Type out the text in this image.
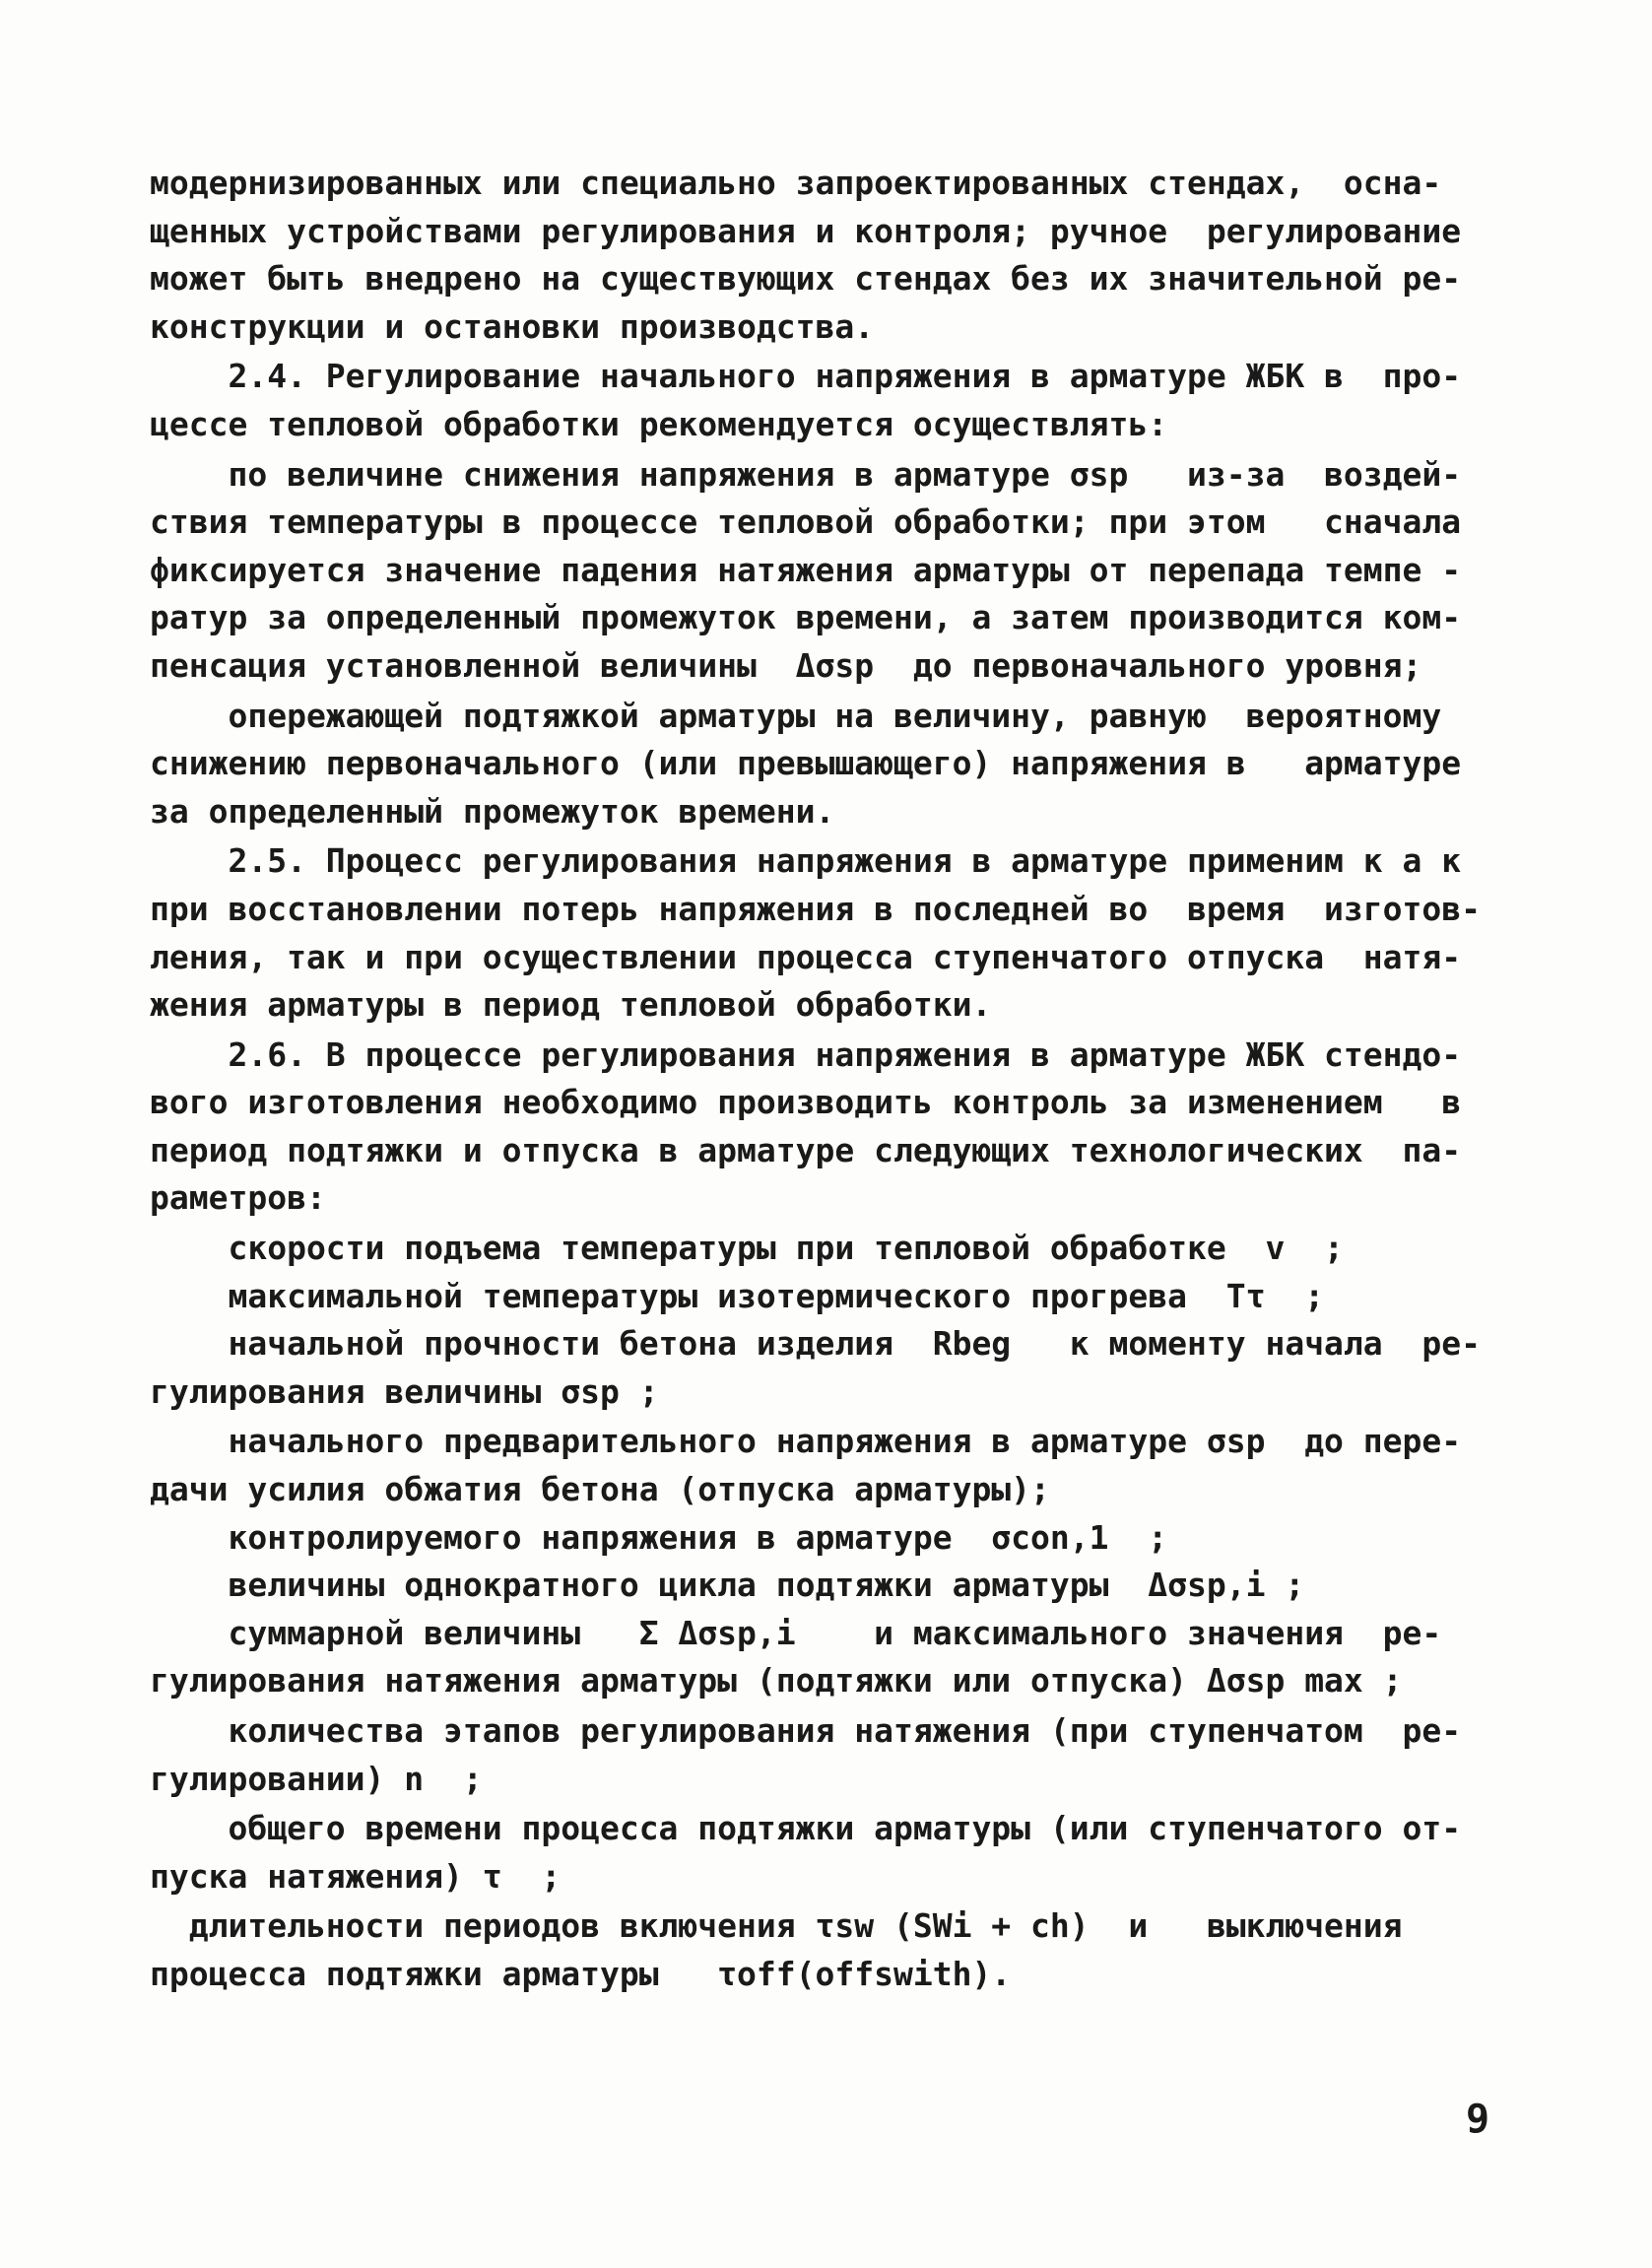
модернизированных или специально запроектированных стендах,  осна-
щенных устройствами регулирования и контроля; ручное  регулирование
может быть внедрено на существующих стендах без их значительной ре-
конструкции и остановки производства.
2.4. Регулирование начального напряжения в арматуре ЖБК в  про-
цессе тепловой обработки рекомендуется осуществлять:
по величине снижения напряжения в арматуре σsp   из-за  воздей-
ствия температуры в процессе тепловой обработки; при этом   сначала
фиксируется значение падения натяжения арматуры от перепада темпе -
ратур за определенный промежуток времени, а затем производится ком-
пенсация установленной величины  Δσsp  до первоначального уровня;
опережающей подтяжкой арматуры на величину, равную  вероятному
снижению первоначального (или превышающего) напряжения в   арматуре
за определенный промежуток времени.
2.5. Процесс регулирования напряжения в арматуре применим к а к
при восстановлении потерь напряжения в последней во  время  изготов-
ления, так и при осуществлении процесса ступенчатого отпуска  натя-
жения арматуры в период тепловой обработки.
2.6. В процессе регулирования напряжения в арматуре ЖБК стендо-
вого изготовления необходимо производить контроль за изменением   в
период подтяжки и отпуска в арматуре следующих технологических  па-
раметров:
скорости подъема температуры при тепловой обработке  v  ;
максимальной температуры изотермического прогрева  Tτ  ;
начальной прочности бетона изделия  Rbeg   к моменту начала  ре-
гулирования величины σsp ;
начального предварительного напряжения в арматуре σsp  до пере-
дачи усилия обжатия бетона (отпуска арматуры);
контролируемого напряжения в арматуре  σcon,1  ;
величины однократного цикла подтяжки арматуры  Δσsp,i ;
суммарной величины   Σ Δσsp,i    и максимального значения  ре-
гулирования натяжения арматуры (подтяжки или отпуска) Δσsp max ;
количества этапов регулирования натяжения (при ступенчатом  ре-
гулировании) n  ;
общего времени процесса подтяжки арматуры (или ступенчатого от-
пуска натяжения) τ  ;
длительности периодов включения τsw (SWi + ch)  и   выключения
процесса подтяжки арматуры   τoff(offswith).
9
